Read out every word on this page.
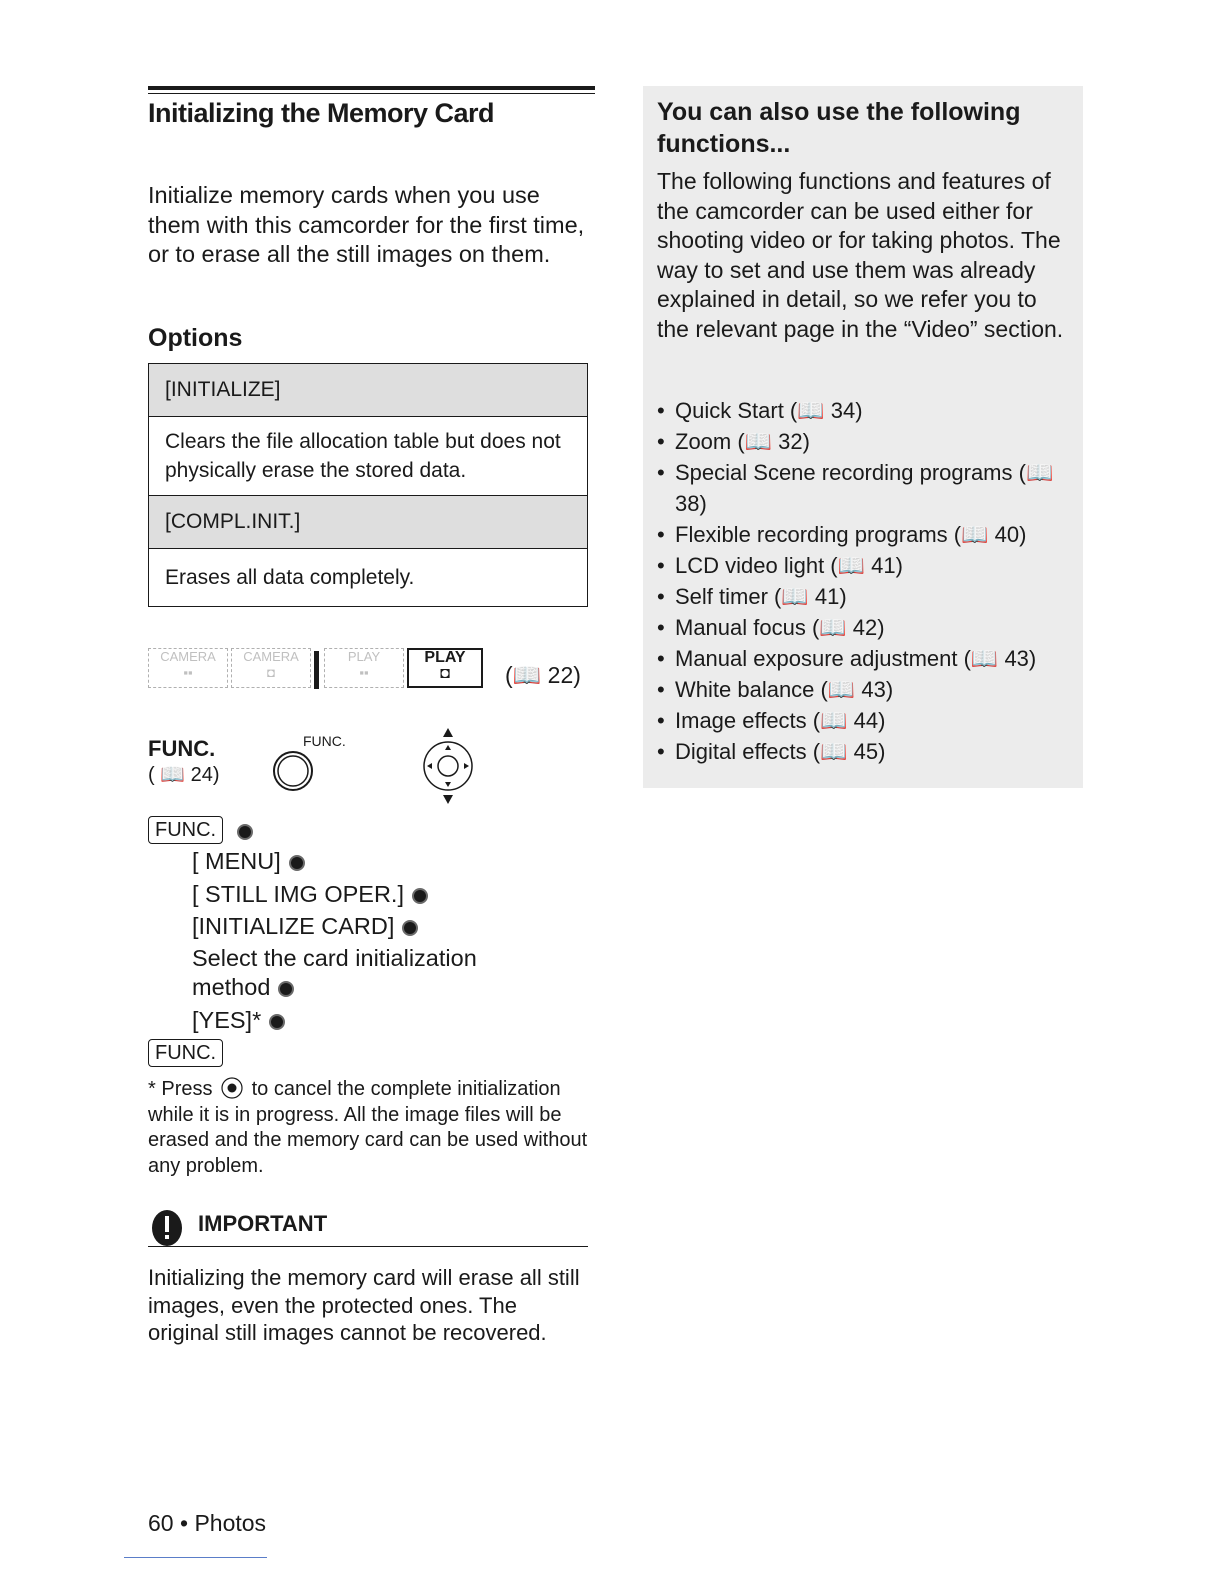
Initializing the Memory Card
Initialize memory cards when you use them with this camcorder for the first time, or to erase all the still images on them.
Options
[INITIALIZE]
Clears the file allocation table but does not physically erase the stored data.
[COMPL.INIT.]
Erases all data completely.
CAMERA
▪▪
CAMERA
◘
PLAY
▪▪
PLAY
◘	(📖 22)
FUNC.
( 📖 24)
FUNC.
FUNC.
[ MENU]
[ STILL IMG OPER.]
[INITIALIZE CARD]
Select the card initialization
method
[YES]*
FUNC.
* Press to cancel the complete initialization while it is in progress. All the image files will be erased and the memory card can be used without any problem.
IMPORTANT
Initializing the memory card will erase all still images, even the protected ones. The original still images cannot be recovered.
60 • Photos
You can also use the following functions...
The following functions and features of the camcorder can be used either for shooting video or for taking photos. The way to set and use them was already explained in detail, so we refer you to the relevant page in the “Video” section.
• Quick Start (📖 34)
• Zoom (📖 32)
• Special Scene recording programs (📖 38)
• Flexible recording programs (📖 40)
• LCD video light (📖 41)
• Self timer (📖 41)
• Manual focus (📖 42)
• Manual exposure adjustment (📖 43)
• White balance (📖 43)
• Image effects (📖 44)
• Digital effects (📖 45)
